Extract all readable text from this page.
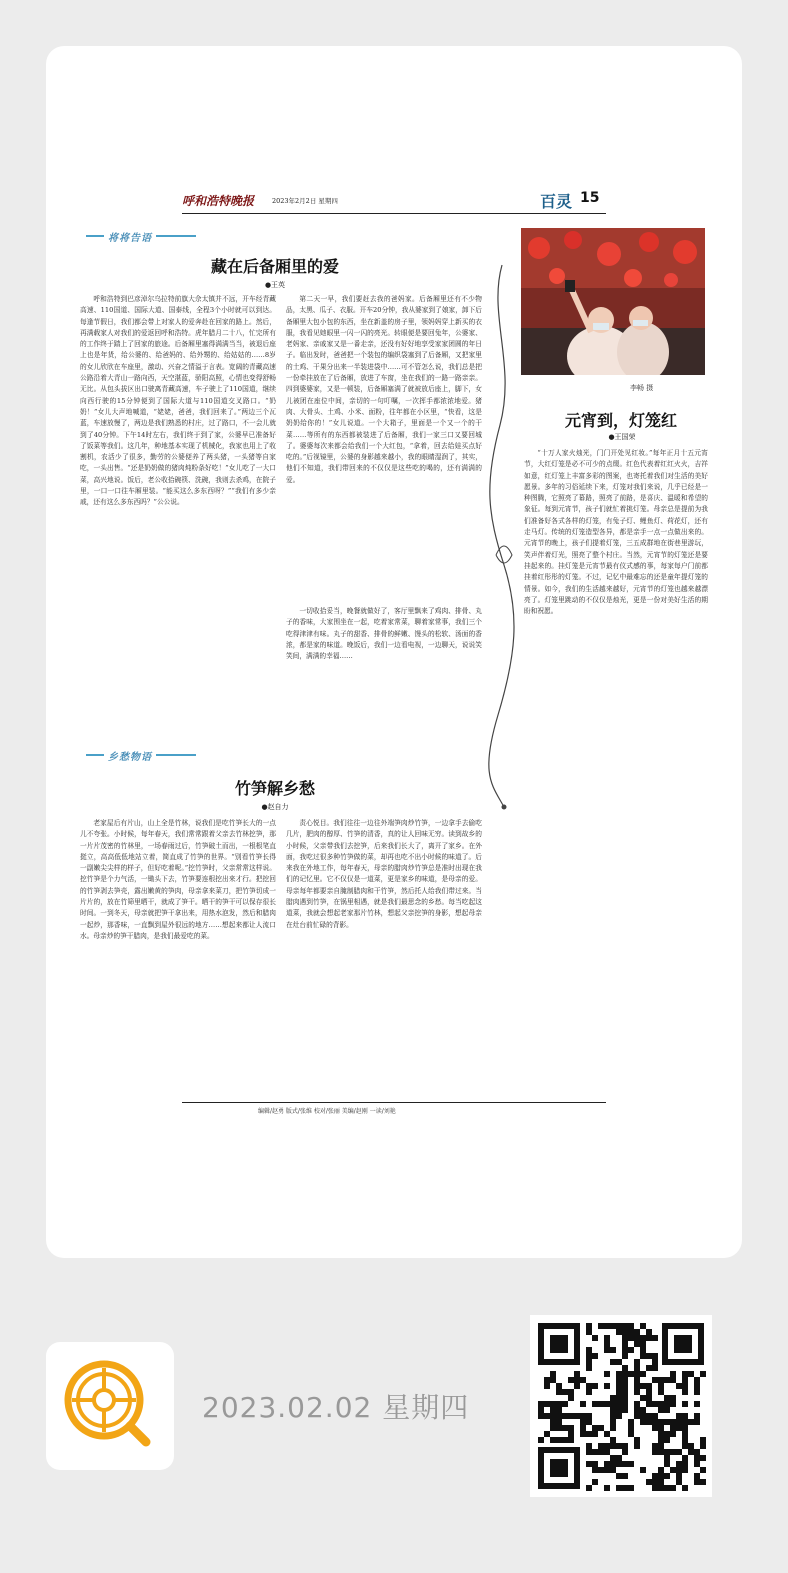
呼和浩特晚报	2023年2月2日 星期四	百灵 15
将将告语
藏在后备厢里的爱
●王英
呼和浩特到巴彦淖尔乌拉特前旗大佘太镇并不远，开车经青藏高速、110国道、国际大道、国泰线，全程3个小时就可以到达。每逢节假日，我们都会带上对家人的爱奔赴在回家的路上。然后，再满载家人对我们的爱返回呼和浩特。虎年腊月二十八，忙完所有的工作终于踏上了回家的旅途。后备厢里塞得满满当当，被退后座上也是年货，给公婆的、给爸妈的、给外甥的、给姑姑的……8岁的女儿欣欣在车座里，激动、兴奋之情溢于言表。宽阔的青藏高速公路沿着大青山一路向西，天空湛蓝，骄阳高照，心情也变得舒畅无比。从包头拔区出口驶离青藏高速，车子驶上了110国道，继续向西行驶的15分钟便到了国际大道与110国道交叉路口。“奶奶！”女儿大声地喊道，“姥姥，爸爸，我们回来了。”两边三个瓦蓝，车速放慢了，两边是我们熟悉的村庄，过了路口，不一会儿就到了40分钟。下午14时左右，我们终于到了家，公婆早已准备好了饭菜等我们。这几年，种地基本实现了机械化，我家也用上了收割机，农活少了很多，勤劳的公婆便养了两头猪，一头猪等自家吃，一头出售。“还是奶奶做的猪肉炖粉条好吃！”女儿吃了一大口菜，高兴地说。饭后，老公收拾碗筷、洗碗，我则去杀鸡，在院子里，一口一口往车厢里装。“能买这么多东西呀？”“我们有多少亲戚，还有这么多东西吗？”公公说。
第二天一早，我们要赶去我的爸妈家。后备厢里还有不少物品，太黑、瓜子、衣服。开车20分钟，我从婆家到了娘家，卸下后备厢里大包小包的东西，坐在新盖的房子里，领妈妈穿上新买的衣服，我看见她眼里一闪一闪的亮光。转眼便是要回兔年，公婆家、老妈家、亲戚家又是一番走亲，还没有好好地享受家家团圆的年日子。临出发时，爸爸把一个装包的编织袋塞到了后备厢，又把家里的土鸡、干果分出来一半装进袋中……可不管怎么说，我们总是把一份牵挂放在了后备厢，放进了车窗，坐在我们的一路一路亲亲。四到婆婆家，又是一顿装，后备厢塞满了就被放后座上，脚下，女儿被团在座位中间，亲切的一句叮嘱，一次挥手都浓浓地爱。猪肉、大骨头、土鸡、小米、面粉，往年都在小区里，“快看，这是奶奶给你的！”女儿说道。一个大箱子，里面是一个又一个的干菜……等所有的东西都被装进了后备厢，我们一家三口又要回城了。婆婆每次来都会给我们一个大红包，“拿着，回去给娃买点好吃的。”后视镜里，公婆的身影越来越小，我的眼睛湿润了，其实，他们不知道，我们带回来的不仅仅是这些吃的喝的，还有满满的爱。
一切收拾妥当，晚餐就做好了，客厅里飘来了鸡肉、排骨、丸子的香味，大家围坐在一起，吃着家常菜，聊着家常事，我们三个吃得津津有味。丸子的甜香、排骨的鲜嫩、馒头的松软、汤面的香浓，都是家的味道。晚饭后，我们一边看电视，一边聊天，说说笑笑间，满满的幸福……
乡愁物语
竹笋解乡愁
●赵自力
老家屋后有片山，山上全是竹林，说我们是吃竹笋长大的一点儿不夸张。小时候，每年春天，我们常常跟着父亲去竹林挖笋，那一片片茂密的竹林里，一场春雨过后，竹笋破土而出，一根根笔直挺立，高高低低地站立着，简直成了竹笋的世界。“别看竹笋长得一副嫩尖尖样的样子，但好吃着呢。”挖竹笋时，父亲常常这样说。挖竹笋是个力气活，一锄头下去，竹笋要连根挖出来才行。把挖回的竹笋剥去笋壳，露出嫩黄的笋肉，母亲拿来菜刀，把竹笋切成一片片的，放在竹筛里晒干，就成了笋干。晒干的笋干可以保存很长时间。一到冬天，母亲就把笋干拿出来，用热水泡发，然后和腊肉一起炒，那香味，一直飘到屋外很远的地方……想起来都让人流口水。母亲炒的笋干腊肉，是我们最爱吃的菜。
责心悦目。我们往往一边往外端笋肉炒竹笋，一边拿手去偷吃几片，肥肉的醇厚、竹笋的清香，真的让人回味无穷。读到故乡的小时候，父亲带我们去挖笋，后来我们长大了，离开了家乡。在外面，我吃过很多种竹笋做的菜，却再也吃不出小时候的味道了。后来我在外地工作，每年春天，母亲的腊肉炒竹笋总是准时出现在我们的记忆里。它不仅仅是一道菜，更是家乡的味道，是母亲的爱。母亲每年都要亲自腌制腊肉和干竹笋，然后托人给我们带过来。当腊肉遇到竹笋，在锅里相遇，就是我们最思念的乡愁。每当吃起这道菜，我就会想起老家那片竹林，想起父亲挖笋的身影，想起母亲在灶台前忙碌的背影。
李畅 摄
元宵到，灯笼红
●王国荣
“十万人家火烛光，门门开处见红妆。”每年正月十五元宵节，大红灯笼是必不可少的点缀。红色代表着红红火火，吉祥如意，红灯笼上丰富多彩的图案，也寄托着我们对生活的美好愿景。多年的习俗延续下来，灯笼对我们来说，几乎已经是一种图腾，它照亮了幕路，照亮了前路，是喜庆、温暖和希望的象征。每到元宵节，孩子们就忙着挑灯笼。母亲总是提前为我们准备好各式各样的灯笼，有兔子灯、鲤鱼灯、荷花灯，还有走马灯。传统的灯笼造型各异，都是亲手一点一点做出来的。元宵节的晚上，孩子们提着灯笼，三五成群地在街巷里游玩，笑声伴着灯光，照亮了整个村庄。当然，元宵节的灯笼还是要挂起来的。挂灯笼是元宵节最有仪式感的事，每家每户门前都挂着红彤彤的灯笼。不过，记忆中最难忘的还是童年提灯笼的情景。如今，我们的生活越来越好，元宵节的灯笼也越来越漂亮了。灯笼里跳动的不仅仅是烛光，更是一份对美好生活的期盼和祝愿。
编辑/赵勇 版式/张维 校对/张丽 美编/赵刚 一读/刘艳
2023.02.02 星期四
